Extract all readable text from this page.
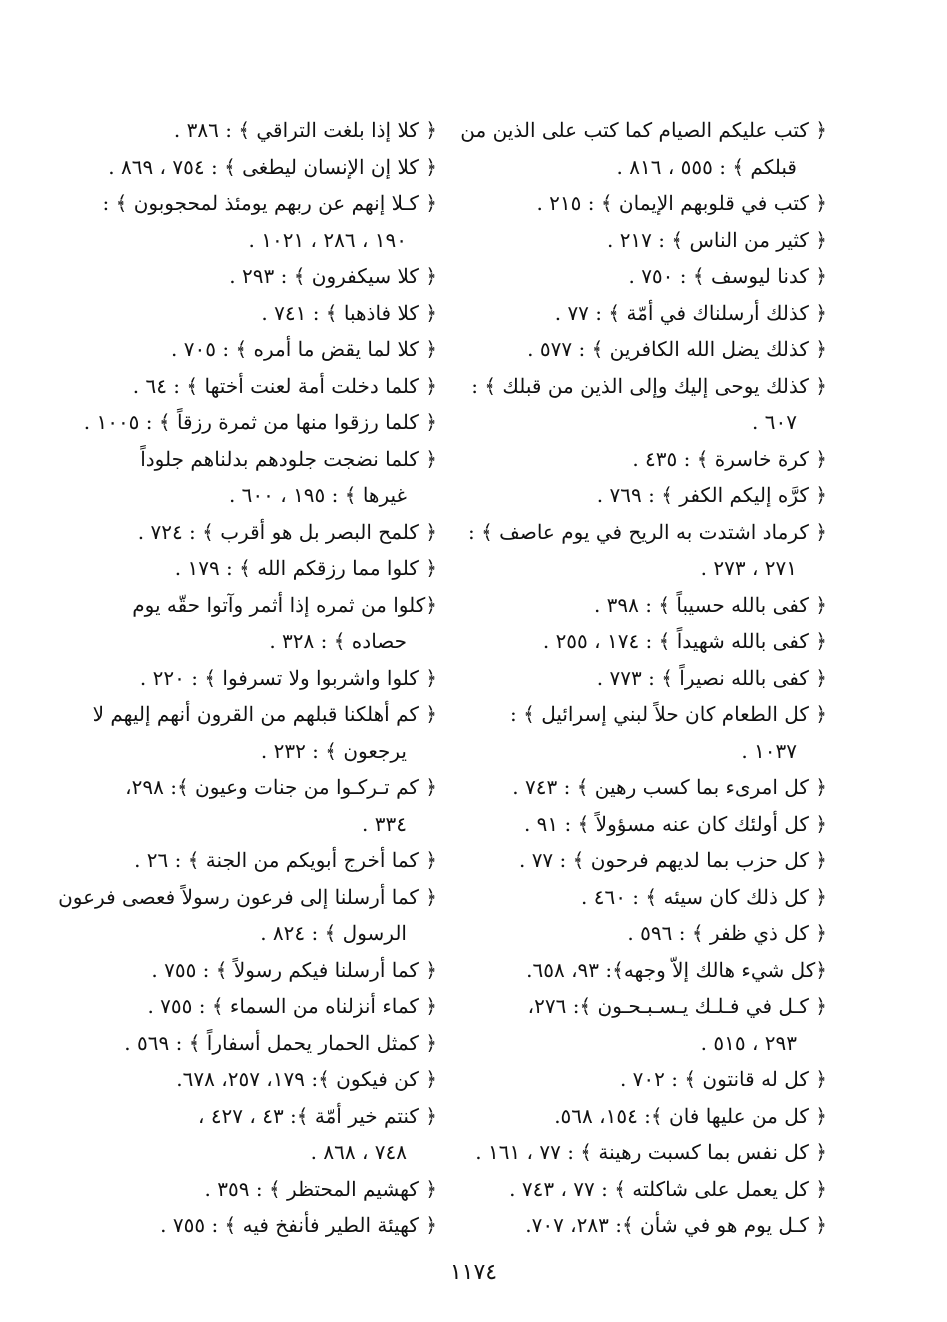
﴿ كتب عليكم الصيام كما كتب على الذين من
قبلكم ﴾ : ٥٥٥ ، ٨١٦ .
﴿ كتب في قلوبهم الإيمان ﴾ : ٢١٥ .
﴿ كثير من الناس ﴾ : ٢١٧ .
﴿ كدنا ليوسف ﴾ : ٧٥٠ .
﴿ كذلك أرسلناك في أمّة ﴾ : ٧٧ .
﴿ كذلك يضل الله الكافرين ﴾ : ٥٧٧ .
﴿ كذلك يوحى إليك وإلى الذين من قبلك ﴾ :
٦٠٧ .
﴿ كرة خاسرة ﴾ : ٤٣٥ .
﴿ كرَّه إليكم الكفر ﴾ : ٧٦٩ .
﴿ كرماد اشتدت به الريح في يوم عاصف ﴾ :
٢٧١ ، ٢٧٣ .
﴿ كفى بالله حسيباً ﴾ : ٣٩٨ .
﴿ كفى بالله شهيداً ﴾ : ١٧٤ ، ٢٥٥ .
﴿ كفى بالله نصيراً ﴾ : ٧٧٣ .
﴿ كل الطعام كان حلاً لبني إسرائيل ﴾ :
١٠٣٧ .
﴿ كل امرىء بما كسب رهين ﴾ : ٧٤٣ .
﴿ كل أولئك كان عنه مسؤولاً ﴾ : ٩١ .
﴿ كل حزب بما لديهم فرحون ﴾ : ٧٧ .
﴿ كل ذلك كان سيئه ﴾ : ٤٦٠ .
﴿ كل ذي ظفر ﴾ : ٥٩٦ .
﴿كل شيء هالك إلاّ وجهه﴾: ٩٣، ٦٥٨.
﴿ كـل في فـلـك يـسـبـحـون ﴾: ٢٧٦،
٢٩٣ ، ٥١٥ .
﴿ كل له قانتون ﴾ : ٧٠٢ .
﴿ كل من عليها فان ﴾: ١٥٤، ٥٦٨.
﴿ كل نفس بما كسبت رهينة ﴾ : ٧٧ ، ١٦١ .
﴿ كل يعمل على شاكلته ﴾ : ٧٧ ، ٧٤٣ .
﴿ كـل يوم هو في شأن ﴾: ٢٨٣، ٧٠٧.
﴿ كلا إذا بلغت التراقي ﴾ : ٣٨٦ .
﴿ كلا إن الإنسان ليطغى ﴾ : ٧٥٤ ، ٨٦٩ .
﴿ كـلا إنهم عن ربهم يومئذ لمحجوبون ﴾ :
١٩٠ ، ٢٨٦ ، ١٠٢١ .
﴿ كلا سيكفرون ﴾ : ٢٩٣ .
﴿ كلا فاذهبا ﴾ : ٧٤١ .
﴿ كلا لما يقض ما أمره ﴾ : ٧٠٥ .
﴿ كلما دخلت أمة لعنت أختها ﴾ : ٦٤ .
﴿ كلما رزقوا منها من ثمرة رزقاً ﴾ : ١٠٠٥ .
﴿ كلما نضجت جلودهم بدلناهم جلوداً
غيرها ﴾ : ١٩٥ ، ٦٠٠ .
﴿ كلمح البصر بل هو أقرب ﴾ : ٧٢٤ .
﴿ كلوا مما رزقكم الله ﴾ : ١٧٩ .
﴿كلوا من ثمره إذا أثمر وآتوا حقّه يوم
حصاده ﴾ : ٣٢٨ .
﴿ كلوا واشربوا ولا تسرفوا ﴾ : ٢٢٠ .
﴿ كم أهلكنا قبلهم من القرون أنهم إليهم لا
يرجعون ﴾ : ٢٣٢ .
﴿ كم تـركـوا من جنات وعيون ﴾: ٢٩٨،
٣٣٤ .
﴿ كما أخرج أبويكم من الجنة ﴾ : ٢٦ .
﴿ كما أرسلنا إلى فرعون رسولاً فعصى فرعون
الرسول ﴾ : ٨٢٤ .
﴿ كما أرسلنا فيكم رسولاً ﴾ : ٧٥٥ .
﴿ كماء أنزلناه من السماء ﴾ : ٧٥٥ .
﴿ كمثل الحمار يحمل أسفاراً ﴾ : ٥٦٩ .
﴿ كن فيكون ﴾: ١٧٩، ٢٥٧، ٦٧٨.
﴿ كنتم خير أمّة ﴾: ٤٣ ، ٤٢٧ ،
٧٤٨ ، ٨٦٨ .
﴿ كهشيم المحتظر ﴾ : ٣٥٩ .
﴿ كهيئة الطير فأنفخ فيه ﴾ : ٧٥٥ .
١١٧٤
